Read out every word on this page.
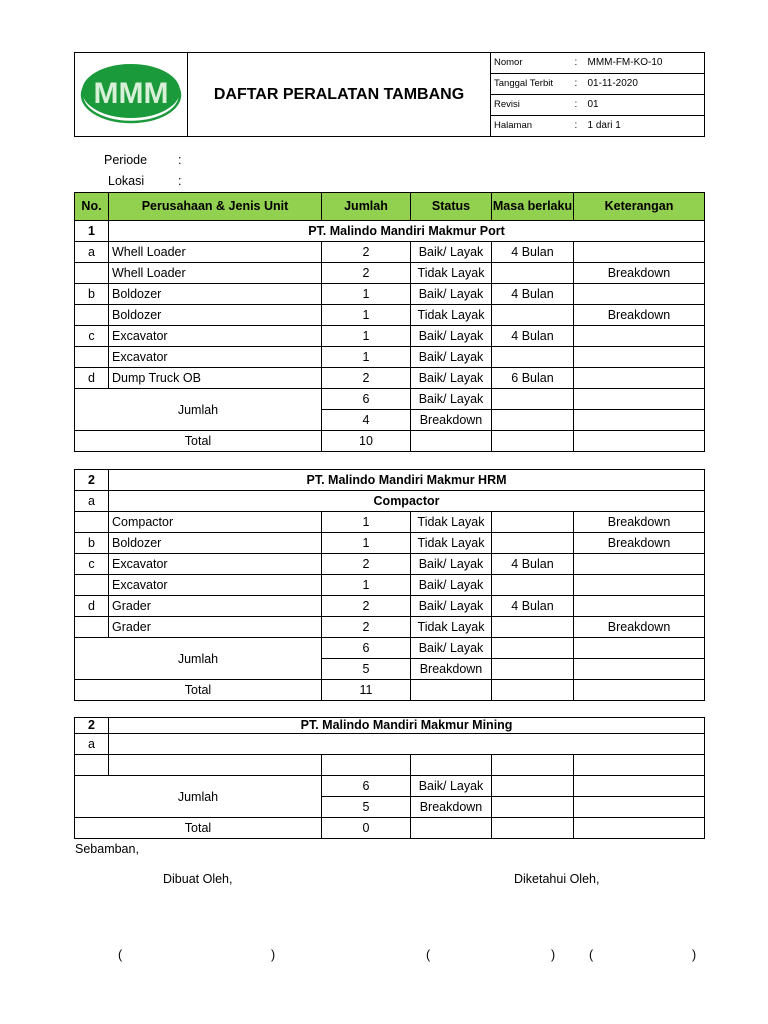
MMM	DAFTAR PERALATAN TAMBANG	Nomor	:	MMM-FM-KO-10
		Tanggal Terbit	:	01-11-2020
		Revisi	:	01
		Halaman	:	1 dari 1
Periode :
Lokasi	:
No.	Perusahaan & Jenis Unit	Jumlah	Status	Masa berlaku	Keterangan
1	PT. Malindo Mandiri Makmur Port				
a	Whell Loader	2	Baik/ Layak	4 Bulan	
	Whell Loader	2	Tidak Layak		Breakdown
b	Boldozer	1	Baik/ Layak	4 Bulan	
	Boldozer	1	Tidak Layak		Breakdown
c	Excavator	1	Baik/ Layak	4 Bulan	
	Excavator	1	Baik/ Layak		
d	Dump Truck OB	2	Baik/ Layak	6 Bulan	
Jumlah		6	Baik/ Layak		
		4	Breakdown		
Total		10			
2	PT. Malindo Mandiri Makmur HRM				
a	Compactor				
	Compactor	1	Tidak Layak		Breakdown
b	Boldozer	1	Tidak Layak		Breakdown
c	Excavator	2	Baik/ Layak	4 Bulan	
	Excavator	1	Baik/ Layak		
d	Grader	2	Baik/ Layak	4 Bulan	
	Grader	2	Tidak Layak		Breakdown
Jumlah		6	Baik/ Layak		
		5	Breakdown		
Total		11			
2	PT. Malindo Mandiri Makmur Mining				
a					

Jumlah		6	Baik/ Layak		
		5	Breakdown		
Total		0			
Sebamban,
Dibuat Oleh,	Diketahui Oleh,
(	)	(	)	(	)
